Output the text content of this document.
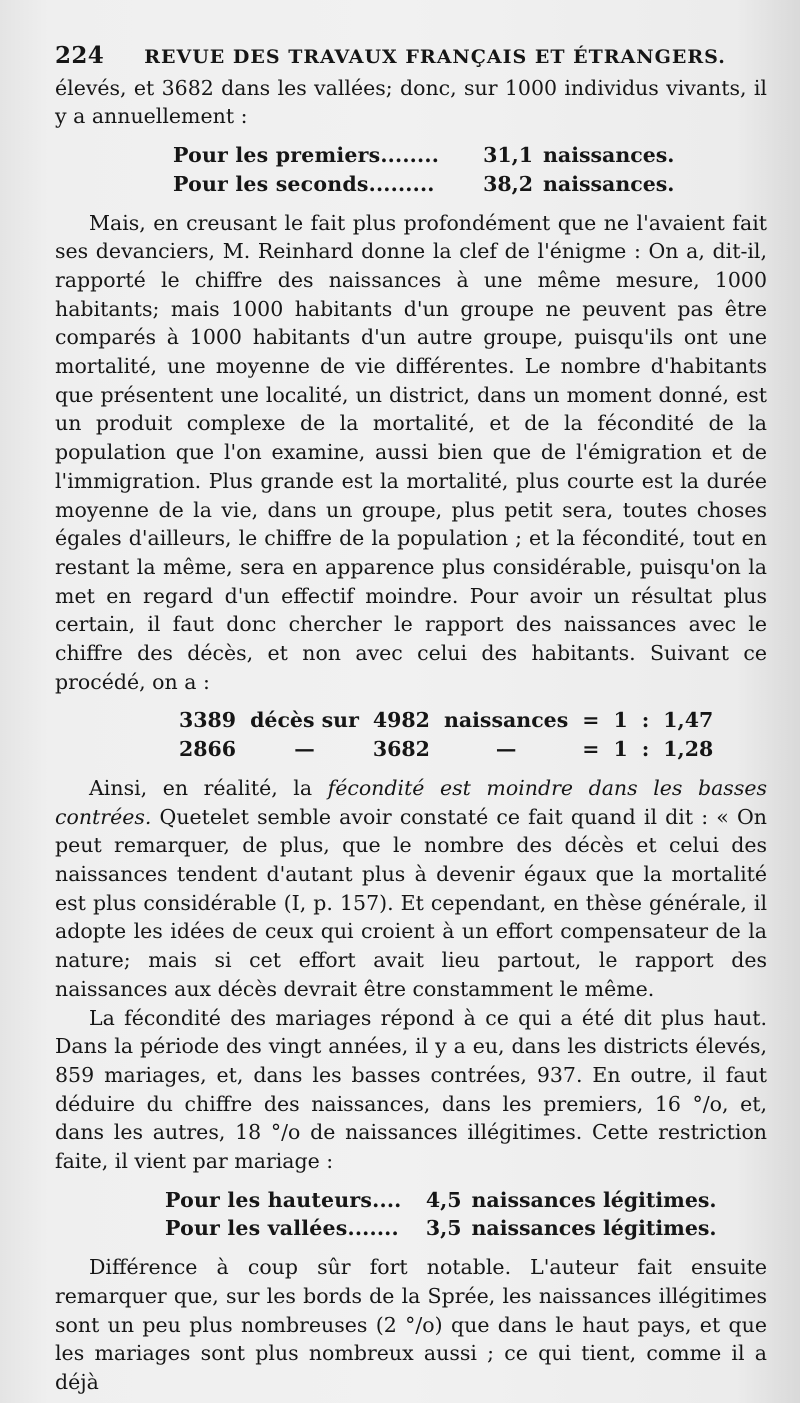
224 REVUE DES TRAVAUX FRANÇAIS ET ÉTRANGERS.

élevés, et 3682 dans les vallées; donc, sur 1000 individus vivants, il y a annuellement :

Pour les premiers........	31,1	naissances.
Pour les seconds.........	38,2	naissances.

Mais, en creusant le fait plus profondément que ne l'avaient fait ses devanciers, M. Reinhard donne la clef de l'énigme : On a, dit-il, rapporté le chiffre des naissances à une même mesure, 1000 habitants; mais 1000 habitants d'un groupe ne peuvent pas être comparés à 1000 habitants d'un autre groupe, puisqu'ils ont une mortalité, une moyenne de vie différentes. Le nombre d'habitants que présentent une localité, un district, dans un moment donné, est un produit complexe de la mortalité, et de la fécondité de la population que l'on examine, aussi bien que de l'émigration et de l'immigration. Plus grande est la mortalité, plus courte est la durée moyenne de la vie, dans un groupe, plus petit sera, toutes choses égales d'ailleurs, le chiffre de la population ; et la fécondité, tout en restant la même, sera en apparence plus considérable, puisqu'on la met en regard d'un effectif moindre. Pour avoir un résultat plus certain, il faut donc chercher le rapport des naissances avec le chiffre des décès, et non avec celui des habitants. Suivant ce procédé, on a :

3389	décès sur	4982	naissances	=	1	:	1,47
2866	—	3682	—	=	1	:	1,28

Ainsi, en réalité, la fécondité est moindre dans les basses contrées. Quetelet semble avoir constaté ce fait quand il dit : « On peut remarquer, de plus, que le nombre des décès et celui des naissances tendent d'autant plus à devenir égaux que la mortalité est plus considérable (I, p. 157). Et cependant, en thèse générale, il adopte les idées de ceux qui croient à un effort compensateur de la nature; mais si cet effort avait lieu partout, le rapport des naissances aux décès devrait être constamment le même.

La fécondité des mariages répond à ce qui a été dit plus haut. Dans la période des vingt années, il y a eu, dans les districts élevés, 859 mariages, et, dans les basses contrées, 937. En outre, il faut déduire du chiffre des naissances, dans les premiers, 16 °/o, et, dans les autres, 18 °/o de naissances illégitimes. Cette restriction faite, il vient par mariage :

Pour les hauteurs....	4,5	naissances légitimes.
Pour les vallées.......	3,5	naissances légitimes.

Différence à coup sûr fort notable. L'auteur fait ensuite remarquer que, sur les bords de la Sprée, les naissances illégitimes sont un peu plus nombreuses (2 °/o) que dans le haut pays, et que les mariages sont plus nombreux aussi ; ce qui tient, comme il a déjà
